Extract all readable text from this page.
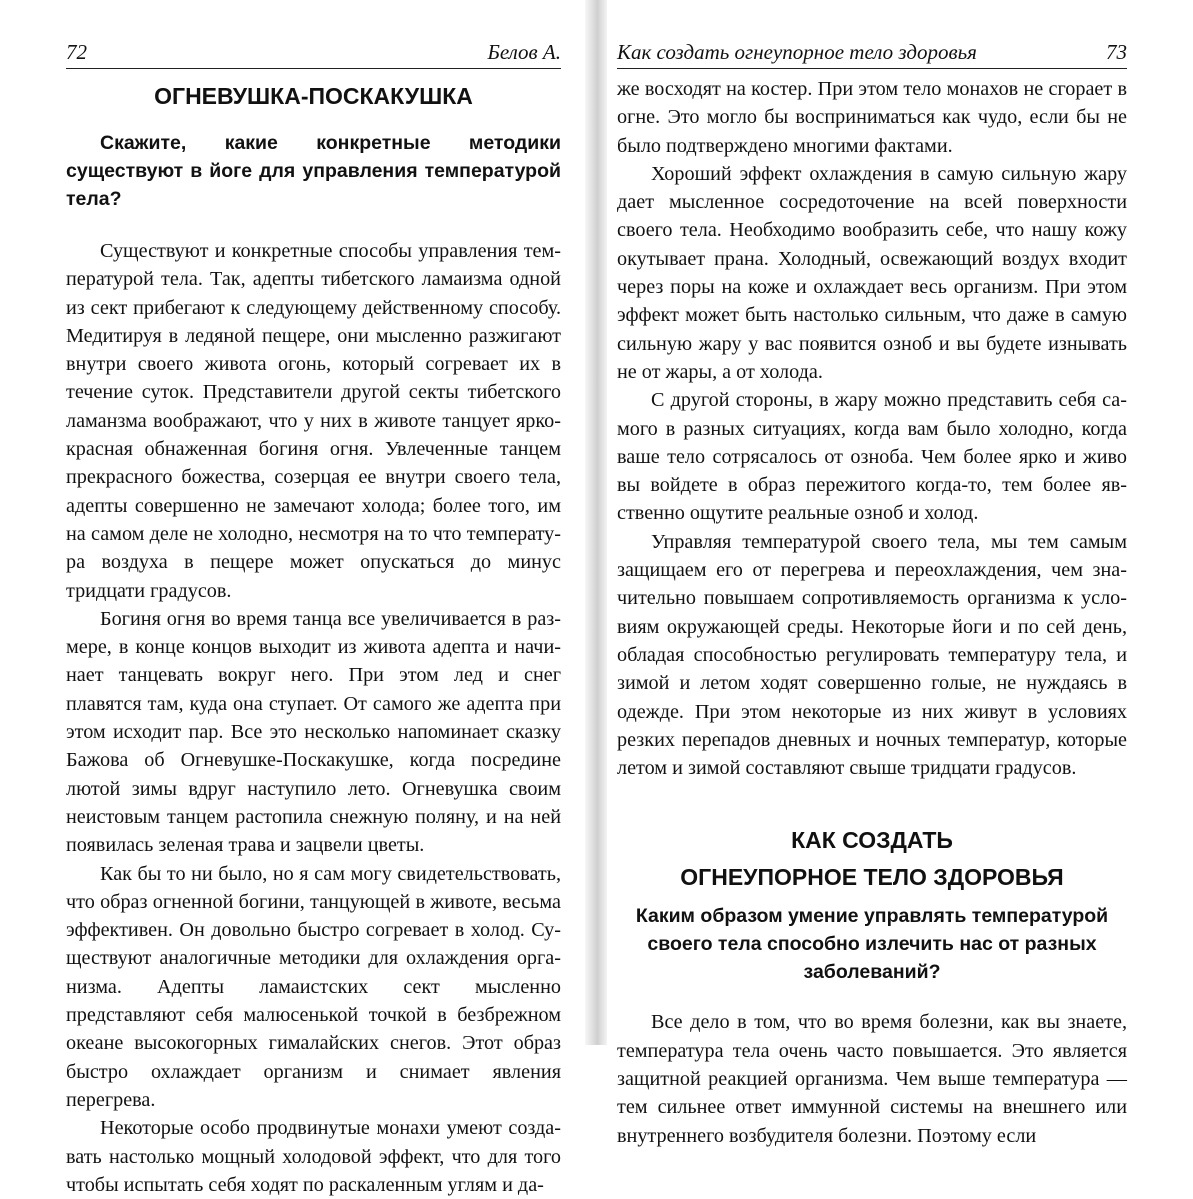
72	Белов А.
ОГНЕВУШКА-ПОСКАКУШКА

Скажите, какие конкретные методики существуют в йоге для управления температурой тела?

Существуют и конкретные способы управления температурой тела. Так, адепты тибетского ламаизма одной из сект прибегают к следующему действенному способу. Медитируя в ледяной пещере, они мысленно разжигают внутри своего живота огонь, который согревает их в течение суток. Представители другой секты тибетского ламанзма воображают, что у них в животе танцует яркокрасная обнаженная богиня огня. Увлеченные танцем прекрасного божества, созерцая ее внутри своего тела, адепты совершенно не замечают холода; более того, им на самом деле не холодно, несмотря на то что температура воздуха в пещере может опускаться до минус тридцати градусов.

Богиня огня во время танца все увеличивается в размере, в конце концов выходит из живота адепта и начинает танцевать вокруг него. При этом лед и снег плавятся там, куда она ступает. От самого же адепта при этом исходит пар. Все это несколько напоминает сказку Бажова об Огневушке-Поскакушке, когда посредине лютой зимы вдруг наступило лето. Огневушка своим неистовым танцем растопила снежную поляну, и на ней появилась зеленая трава и зацвели цветы.

Как бы то ни было, но я сам могу свидетельствовать, что образ огненной богини, танцующей в животе, весьма эффективен. Он довольно быстро согревает в холод. Существуют аналогичные методики для охлаждения организма. Адепты ламаистских сект мысленно представляют себя малюсенькой точкой в безбрежном океане высокогорных гималайских снегов. Этот образ быстро охлаждает организм и снимает явления перегрева.

Некоторые особо продвинутые монахи умеют создавать настолько мощный холодовой эффект, что для того чтобы испытать себя ходят по раскаленным углям и да-

Как создать огнеупорное тело здоровья	73

же восходят на костер. При этом тело монахов не сгорает в огне. Это могло бы восприниматься как чудо, если бы не было подтверждено многими фактами.

Хороший эффект охлаждения в самую сильную жару дает мысленное сосредоточение на всей поверхности своего тела. Необходимо вообразить себе, что нашу кожу окутывает прана. Холодный, освежающий воздух входит через поры на коже и охлаждает весь организм. При этом эффект может быть настолько сильным, что даже в самую сильную жару у вас появится озноб и вы будете изнывать не от жары, а от холода.

С другой стороны, в жару можно представить себя самого в разных ситуациях, когда вам было холодно, когда ваше тело сотрясалось от озноба. Чем более ярко и живо вы войдете в образ пережитого когда-то, тем более явственно ощутите реальные озноб и холод.

Управляя температурой своего тела, мы тем самым защищаем его от перегрева и переохлаждения, чем значительно повышаем сопротивляемость организма к условиям окружающей среды. Некоторые йоги и по сей день, обладая способностью регулировать температуру тела, и зимой и летом ходят совершенно голые, не нуждаясь в одежде. При этом некоторые из них живут в условиях резких перепадов дневных и ночных температур, которые летом и зимой составляют свыше тридцати градусов.

КАК СОЗДАТЬ
ОГНЕУПОРНОЕ ТЕЛО ЗДОРОВЬЯ

Каким образом умение управлять температурой своего тела способно излечить нас от разных заболеваний?

Все дело в том, что во время болезни, как вы знаете, температура тела очень часто повышается. Это является защитной реакцией организма. Чем выше температура — тем сильнее ответ иммунной системы на внешнего или внутреннего возбудителя болезни. Поэтому если
